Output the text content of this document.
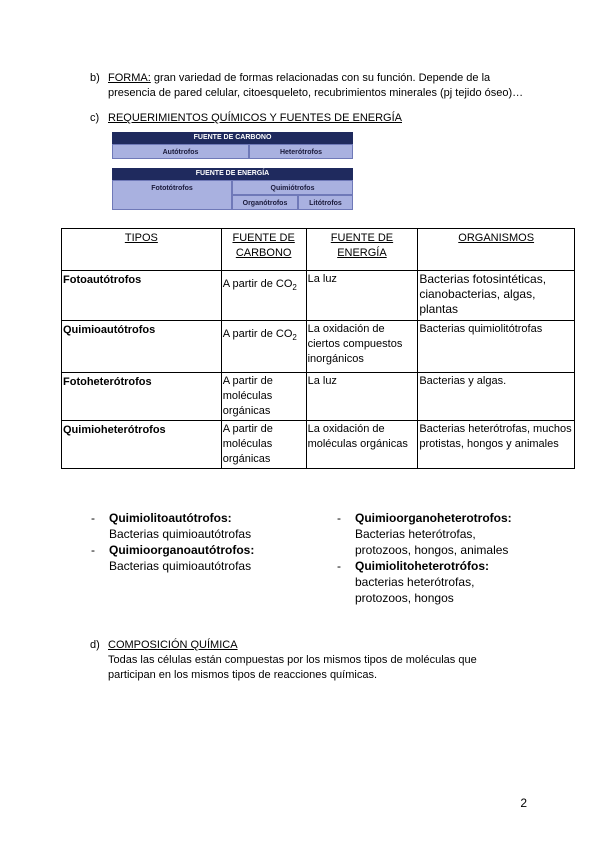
b) FORMA: gran variedad de formas relacionadas con su función. Depende de la
presencia de pared celular, citoesqueleto, recubrimientos minerales (pj tejido óseo)…
c) REQUERIMIENTOS QUÍMICOS Y FUENTES DE ENERGÍA
FUENTE DE CARBONO
Autótrofos	Heterótrofos
FUENTE DE ENERGÍA
Fototótrofos	Quimiótrofos
Organótrofos	Litótrofos
TIPOS	FUENTE DE CARBONO	FUENTE DE ENERGÍA	ORGANISMOS
Fotoautótrofos	A partir de $CO_2$	La luz	Bacterias fotosintéticas, cianobacterias, algas, plantas
Quimioautótrofos	A partir de $CO_2$	La oxidación de ciertos compuestos inorgánicos	Bacterias quimiolitótrofas
Fotoheterótrofos	A partir de moléculas orgánicas	La luz	Bacterias y algas.
Quimioheterótrofos	A partir de moléculas orgánicas	La oxidación de moléculas orgánicas	Bacterias heterótrofas, muchos protistas, hongos y animales
- Quimiolitoautótrofos:
Bacterias quimioautótrofas
- Quimioorganoautótrofos:
Bacterias quimioautótrofas
- Quimioorganoheterotrofos:
Bacterias heterótrofas, protozoos, hongos, animales
- Quimiolitoheterotrófos:
bacterias heterótrofas, protozoos, hongos
d) COMPOSICIÓN QUÍMICA
Todas las células están compuestas por los mismos tipos de moléculas que participan en los mismos tipos de reacciones químicas.
2
